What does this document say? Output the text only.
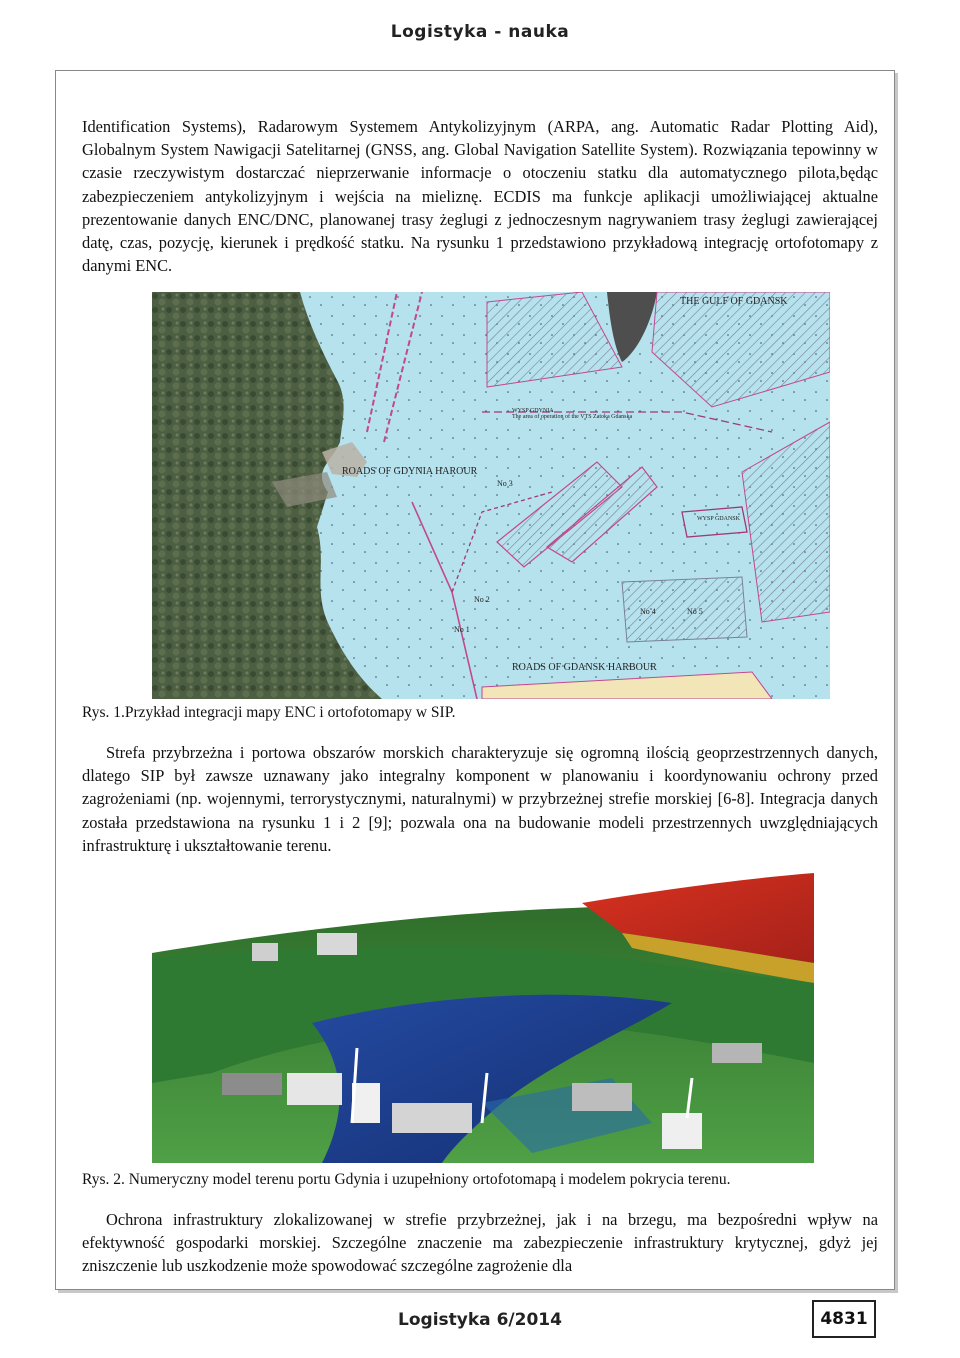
Logistyka - nauka

Identification Systems), Radarowym Systemem Antykolizyjnym (ARPA, ang. Automatic Radar Plotting Aid), Globalnym System Nawigacji Satelitarnej (GNSS, ang. Global Navigation Satellite System). Rozwiązania tepowinny w czasie rzeczywistym dostarczać nieprzerwanie informacje o otoczeniu statku dla automatycznego pilota,będąc zabezpieczeniem antykolizyjnym i wejścia na mieliznę. ECDIS ma funkcje aplikacji umożliwiającej aktualne prezentowanie danych ENC/DNC, planowanej trasy żeglugi z jednoczesnym nagrywaniem trasy żeglugi zawierającej datę, czas, pozycję, kierunek i prędkość statku. Na rysunku 1 przedstawiono przykładową integrację ortofotomapy z danymi ENC.

THE GULF OF GDANSK
The area of operation of the VTS Zatoka Gdanska
WYSP GDYNIA
WYSP GDANSK
ROADS OF GDYNIA HAROUR
ROADS OF GDANSK HARBOUR
No 3
No 2
No 4	No 5
No 1
Rys. 1.Przykład integracji mapy ENC i ortofotomapy w SIP.

Strefa przybrzeżna i portowa obszarów morskich charakteryzuje się ogromną ilością geoprzestrzennych danych, dlatego SIP był zawsze uznawany jako integralny komponent w planowaniu i koordynowaniu ochrony przed zagrożeniami (np. wojennymi, terrorystycznymi, naturalnymi) w przybrzeżnej strefie morskiej [6-8]. Integracja danych została przedstawiona na rysunku 1 i 2 [9]; pozwala ona na budowanie modeli przestrzennych uwzględniających infrastrukturę i ukształtowanie terenu.

Rys. 2. Numeryczny model terenu portu Gdynia i uzupełniony ortofotomapą i modelem pokrycia terenu.

Ochrona infrastruktury zlokalizowanej w strefie przybrzeżnej, jak i na brzegu, ma bezpośredni wpływ na efektywność gospodarki morskiej. Szczególne znaczenie ma zabezpieczenie infrastruktury krytycznej, gdyż jej zniszczenie lub uszkodzenie może spowodować szczególne zagrożenie dla

Logistyka 6/2014	4831
